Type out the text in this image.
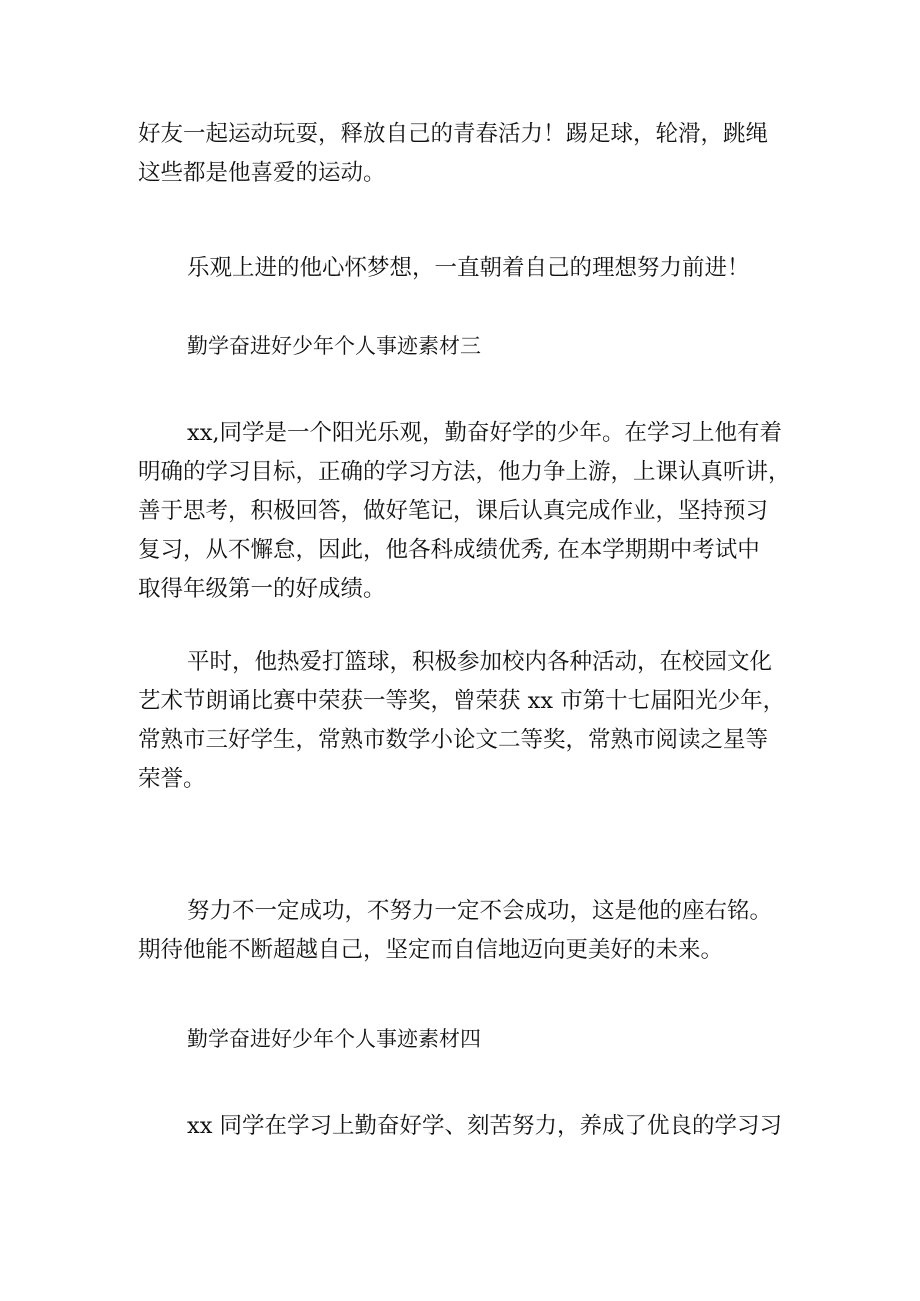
好友一起运动玩耍，释放自己的青春活力！踢足球，轮滑，跳绳
这些都是他喜爱的运动。
乐观上进的他心怀梦想，一直朝着自己的理想努力前进！
勤学奋进好少年个人事迹素材三
xx,同学是一个阳光乐观，勤奋好学的少年。在学习上他有着
明确的学习目标，正确的学习方法，他力争上游，上课认真听讲，
善于思考，积极回答，做好笔记，课后认真完成作业，坚持预习
复习，从不懈怠，因此，他各科成绩优秀, 在本学期期中考试中
取得年级第一的好成绩。
平时，他热爱打篮球，积极参加校内各种活动，在校园文化
艺术节朗诵比赛中荣获一等奖，曾荣获 xx 市第十七届阳光少年，
常熟市三好学生，常熟市数学小论文二等奖，常熟市阅读之星等
荣誉。
努力不一定成功，不努力一定不会成功，这是他的座右铭。
期待他能不断超越自己，坚定而自信地迈向更美好的未来。
勤学奋进好少年个人事迹素材四
xx 同学在学习上勤奋好学、刻苦努力，养成了优良的学习习
